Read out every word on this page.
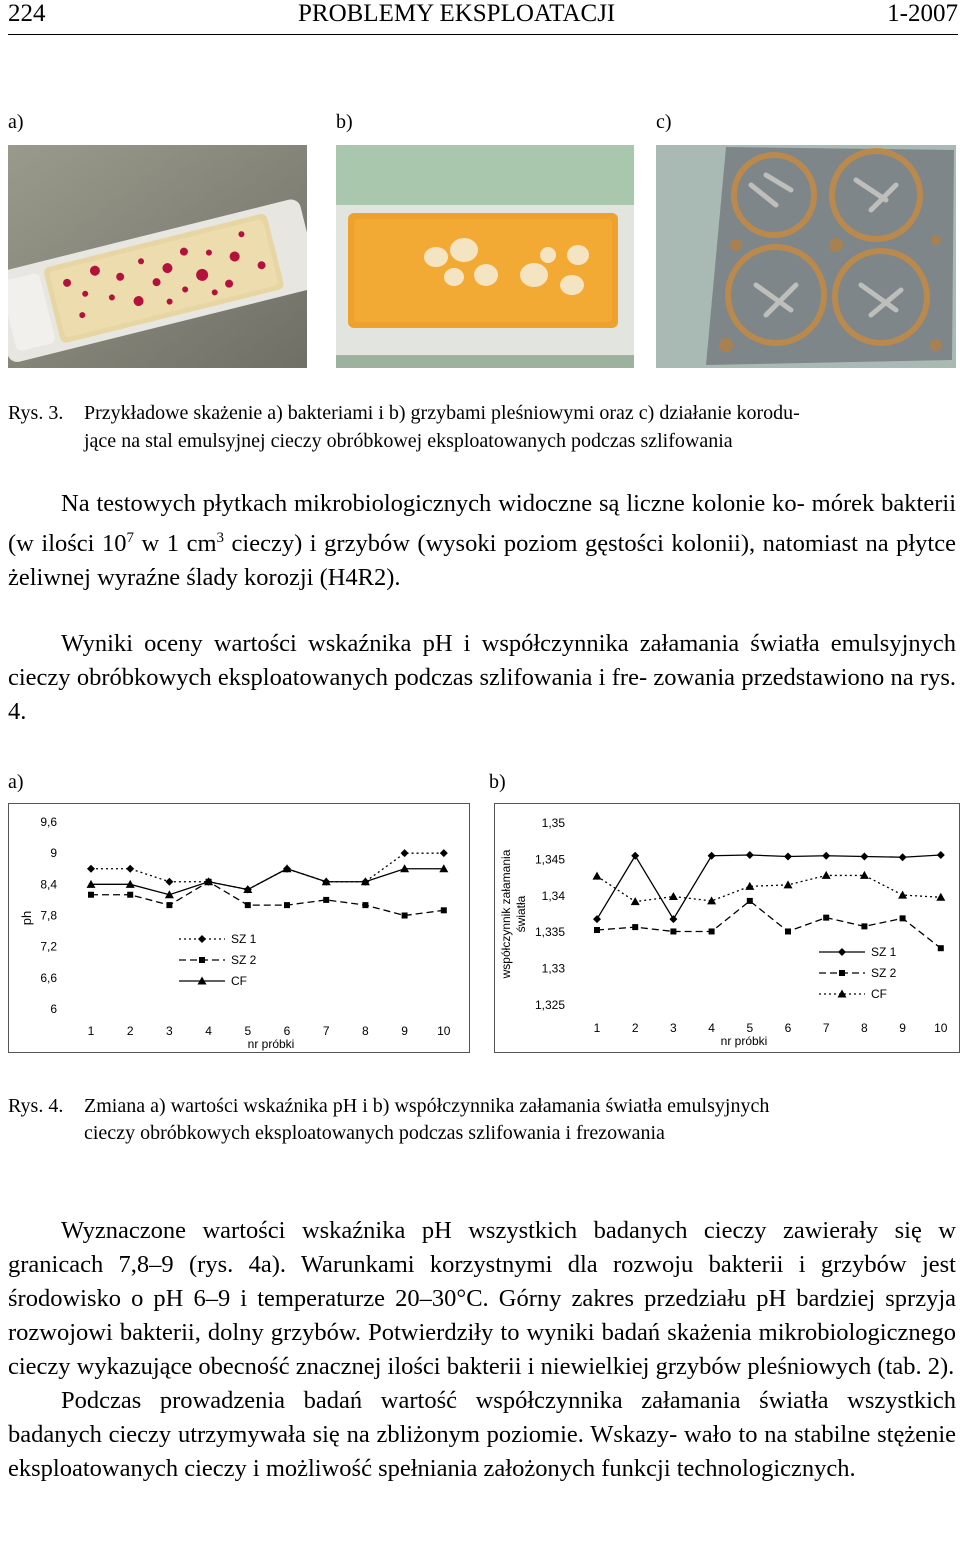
224	PROBLEMY EKSPLOATACJI	1-2007
a)	b)	c)
Rys. 3. Przykładowe skażenie a) bakteriami i b) grzybami pleśniowymi oraz c) działanie korodu-
jące na stal emulsyjnej cieczy obróbkowej eksploatowanych podczas szlifowania

Na testowych płytkach mikrobiologicznych widoczne są liczne kolonie ko- mórek bakterii (w ilości $10^7$ w 1 $cm^3$ cieczy) i grzybów (wysoki poziom gęstości kolonii), natomiast na płytce żeliwnej wyraźne ślady korozji (H4R2).

Wyniki oceny wartości wskaźnika pH i współczynnika załamania światła emulsyjnych cieczy obróbkowych eksploatowanych podczas szlifowania i fre- zowania przedstawiono na rys. 4.

a)	b)
ph
9,6
9
8,4
7,8
7,2
6,6
6
1	2	3	4	5	6	7	8	9 10
nr próbki
SZ 1
SZ 2
CF
współczynnik załamania światła
1,35
1,345
1,34
1,335
1,33
1,325
1	2	3	4	5	6	7	8	9 10
nr próbki
SZ 1
SZ 2
CF
Rys. 4. Zmiana a) wartości wskaźnika pH i b) współczynnika załamania światła emulsyjnych
cieczy obróbkowych eksploatowanych podczas szlifowania i frezowania

Wyznaczone wartości wskaźnika pH wszystkich badanych cieczy zawierały się w granicach 7,8–9 (rys. 4a). Warunkami korzystnymi dla rozwoju bakterii i grzybów jest środowisko o pH 6–9 i temperaturze 20–30°C. Górny zakres przedziału pH bardziej sprzyja rozwojowi bakterii, dolny grzybów. Potwierdziły to wyniki badań skażenia mikrobiologicznego cieczy wykazujące obecność znacznej ilości bakterii i niewielkiej grzybów pleśniowych (tab. 2).

Podczas prowadzenia badań wartość współczynnika załamania światła wszystkich badanych cieczy utrzymywała się na zbliżonym poziomie. Wskazy- wało to na stabilne stężenie eksploatowanych cieczy i możliwość spełniania założonych funkcji technologicznych.
